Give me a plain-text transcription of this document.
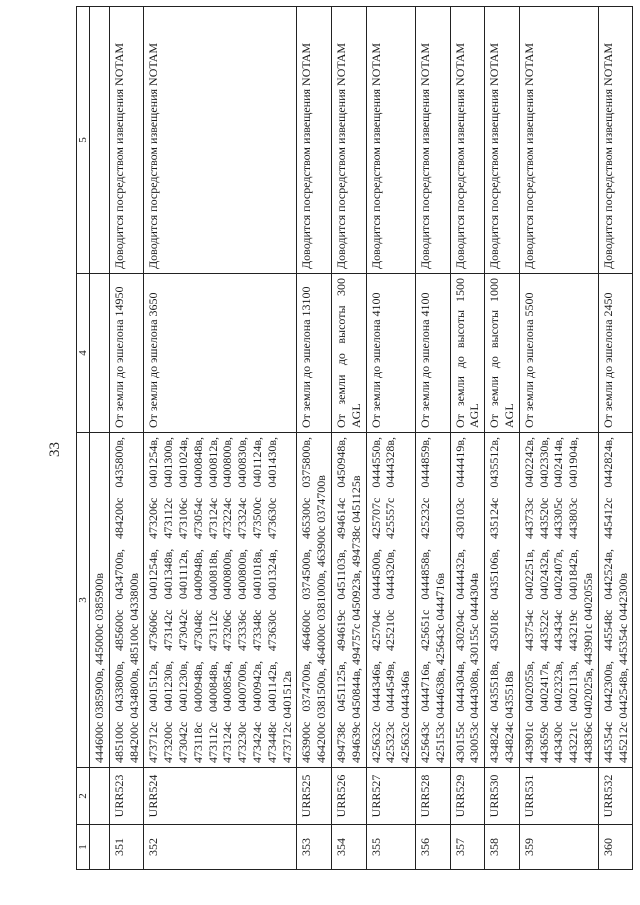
33
1	2	3	4	5
		444600с 0385900в, 445000с 0385900в		
351	URR523	485100с 0433800в, 485600с 0434700в, 484200с 0435800в, 484200с 0434800в, 485100с 0433800в	От земли до эшелона 14950	Доводится посредством извещения NOTAM
352	URR524	473712с 0401512в, 473606с 0401254в, 473206с 0401254в, 473200с 0401230в, 473142с 0401348в, 473112с 0401300в, 473042с 0401230в, 473042с 0401112в, 473106с 0401024в, 473118с 0400948в, 473048с 0400948в, 473054с 0400848в, 473112с 0400848в, 473112с 0400818в, 473124с 0400812в, 473124с 0400854в, 473206с 0400800в, 473224с 0400800в, 473230с 0400700в, 473336с 0400800в, 473324с 0400830в, 473424с 0400942в, 473348с 0401018в, 473500с 0401124в, 473448с 0401142в, 473630с 0401324в, 473630с 0401430в, 473712с 0401512в	От земли до эшелона 3650	Доводится посредством извещения NOTAM
353	URR525	463900с 0374700в, 464600с 0374500в, 465300с 0375800в, 464200с 0381500в, 464000с 0381000в, 463900с 0374700в	От земли до эшелона 13100	Доводится посредством извещения NOTAM
354	URR526	494738с 0451125в, 494619с 0451103в, 494614с 0450948в, 494639с 0450844в, 494757с 0450923в, 494738с 0451125в	От земли до высоты 300 AGL	Доводится посредством извещения NOTAM
355	URR527	425632с 0444346в, 425704с 0444500в, 425707с 0444550в, 425323с 0444549в, 425210с 0444320в, 425557с 0444328в, 425632с 0444346в	От земли до эшелона 4100	Доводится посредством извещения NOTAM
356	URR528	425643с 0444716в, 425651с 0444858в, 425232с 0444859в, 425153с 0444638в, 425643с 0444716в	От земли до эшелона 4100	Доводится посредством извещения NOTAM
357	URR529	430155с 0444304в, 430204с 0444432в, 430103с 0444419в, 430053с 0444308в, 430155с 0444304в	От земли до высоты 1500 AGL	Доводится посредством извещения NOTAM
358	URR530	434824с 0435518в, 435018с 0435106в, 435124с 0435512в, 434824с 0435518в	От земли до высоты 1000 AGL	Доводится посредством извещения NOTAM
359	URR531	443901с 0402055в, 443754с 0402251в, 443733с 0402242в, 443659с 0402417в, 443522с 0402432в, 443520с 0402330в, 443430с 0402323в, 443434с 0402407в, 443305с 0402414в, 443221с 0402113в, 443219с 0401842в, 443803с 0401904в, 443836с 0402025в, 443901с 0402055в	От земли до эшелона 5500	Доводится посредством извещения NOTAM
360	URR532	445354с 0442300в, 445548с 0442524в, 445412с 0442824в, 445212с 0442548в, 445354с 0442300в	От земли до эшелона 2450	Доводится посредством извещения NOTAM
